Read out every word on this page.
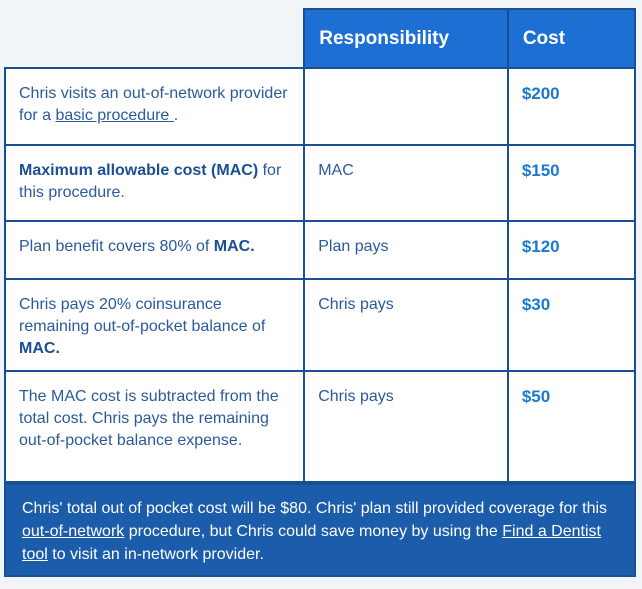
	Responsibility	Cost
Chris visits an out-of-network provider for a basic procedure .		$200
Maximum allowable cost (MAC) for this procedure.	MAC	$150
Plan benefit covers 80% of MAC.	Plan pays	$120
Chris pays 20% coinsurance remaining out-of-pocket balance of MAC.	Chris pays	$30
The MAC cost is subtracted from the total cost. Chris pays the remaining out-of-pocket balance expense.	Chris pays	$50
Chris' total out of pocket cost will be $80. Chris' plan still provided coverage for this out-of-network procedure, but Chris could save money by using the Find a Dentist tool to visit an in-network provider.
